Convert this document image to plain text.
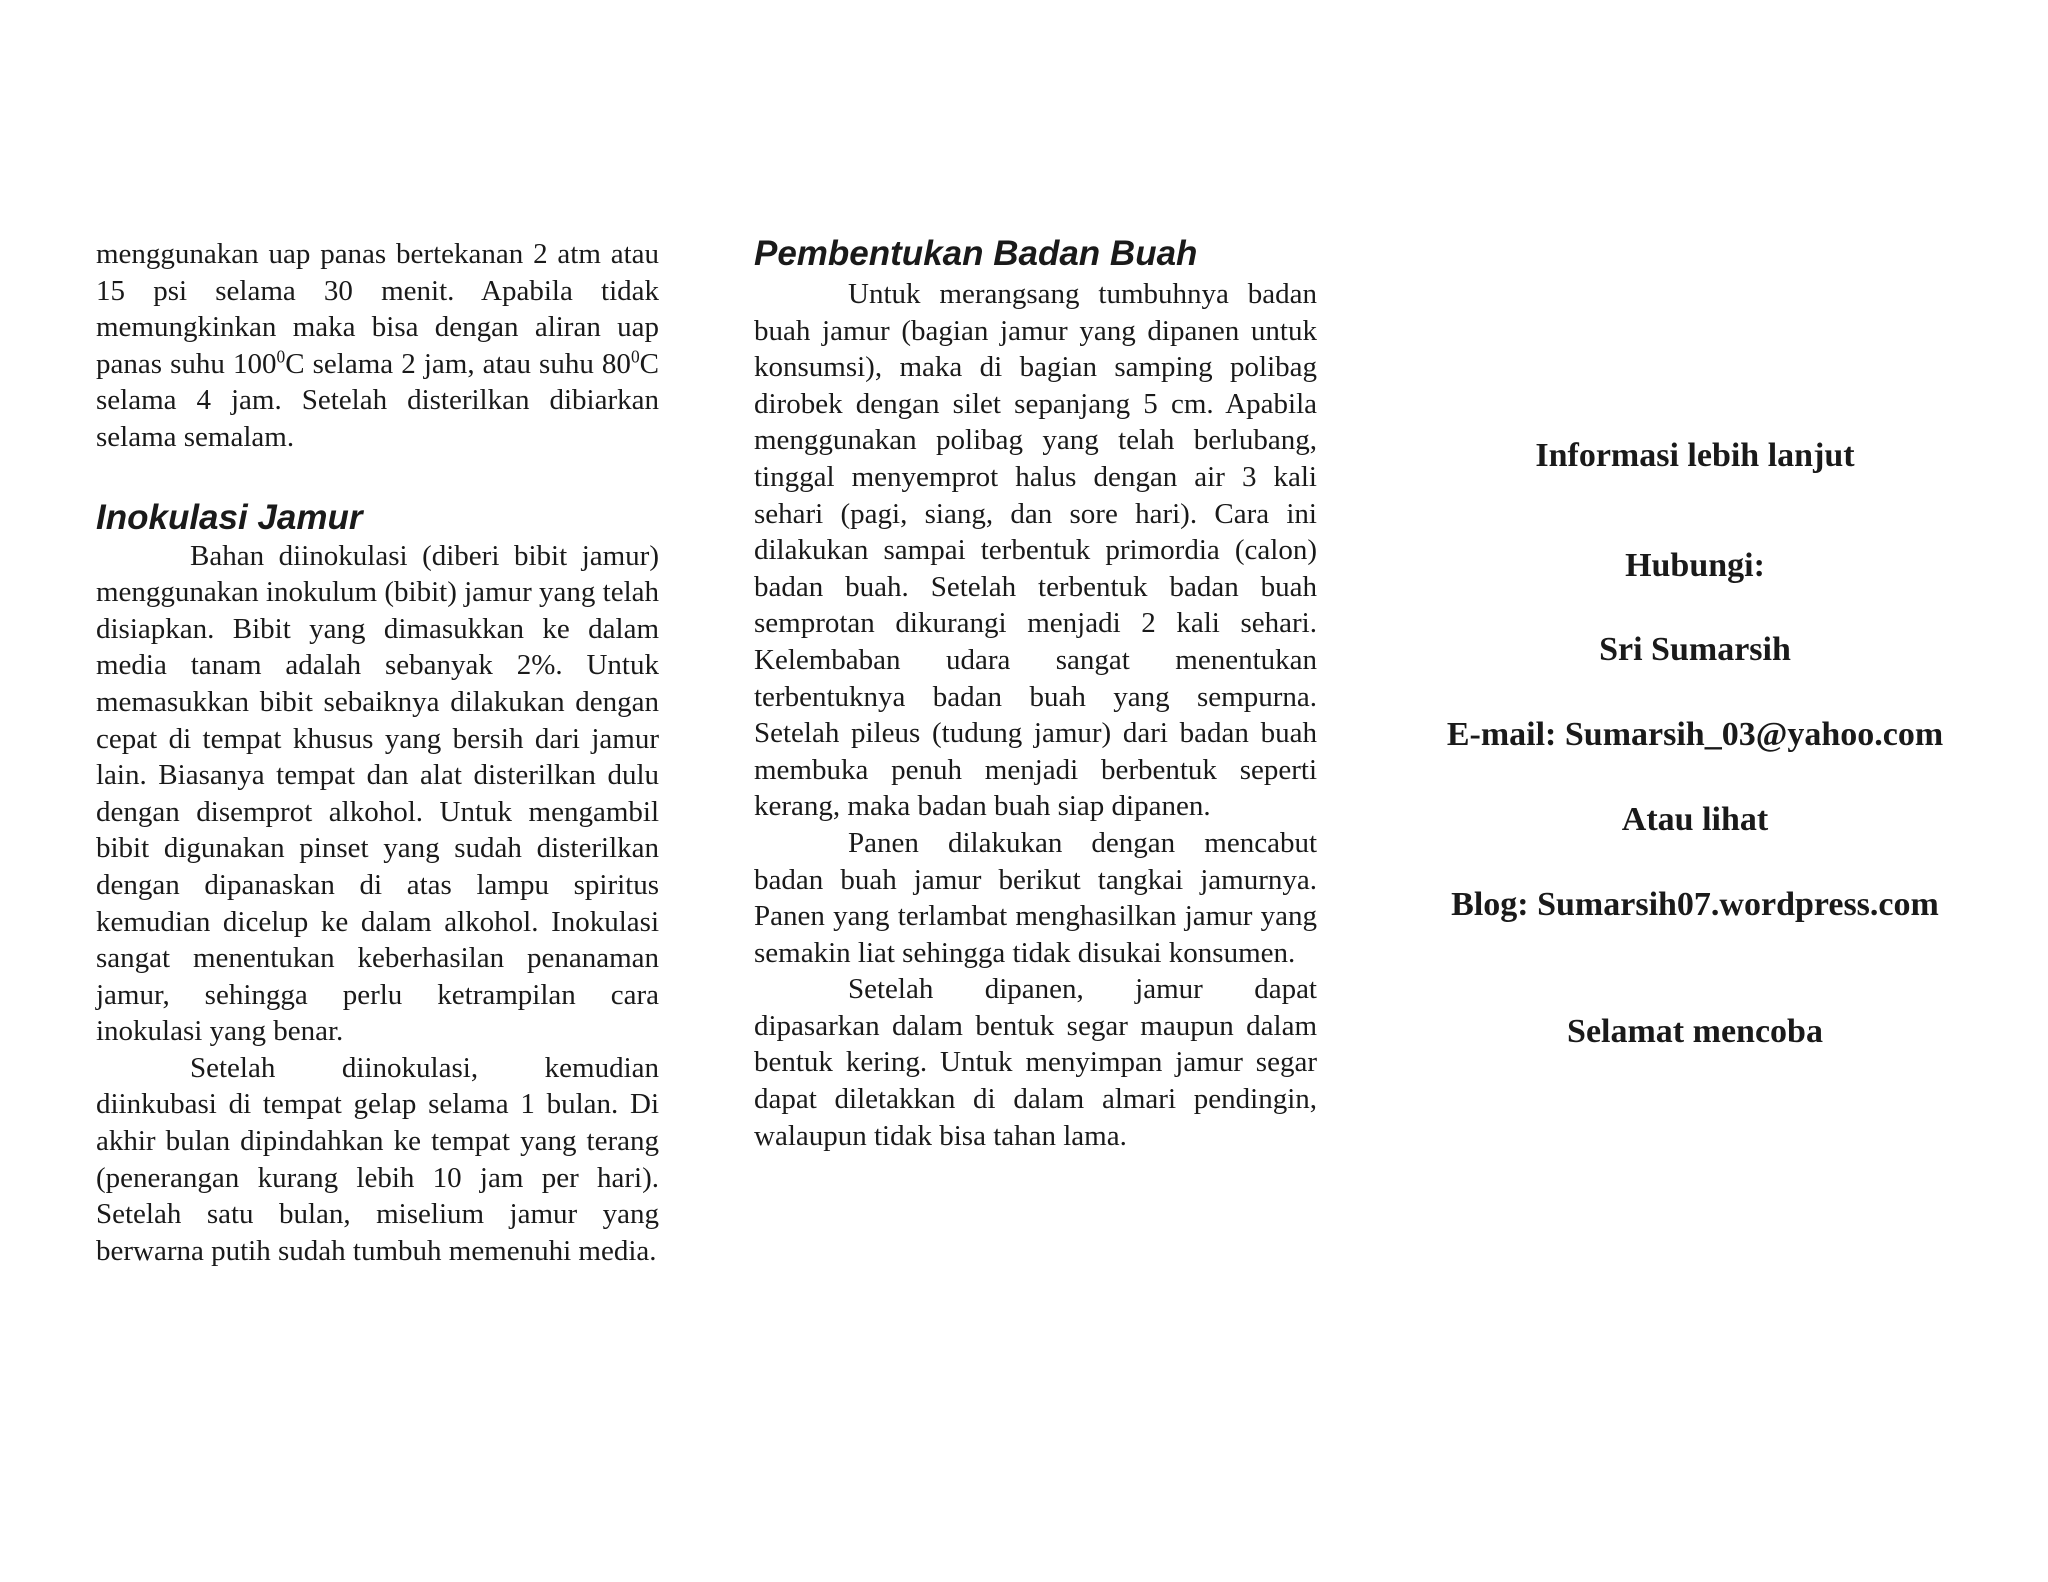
menggunakan uap panas bertekanan 2 atm atau 15 psi selama 30 menit. Apabila tidak memungkinkan maka bisa dengan aliran uap panas suhu $100^0C$ selama 2 jam, atau suhu $80^0C$ selama 4 jam. Setelah disterilkan dibiarkan selama semalam.

Inokulasi Jamur

Bahan diinokulasi (diberi bibit jamur) menggunakan inokulum (bibit) jamur yang telah disiapkan. Bibit yang dimasukkan ke dalam media tanam adalah sebanyak 2%. Untuk memasukkan bibit sebaiknya dilakukan dengan cepat di tempat khusus yang bersih dari jamur lain. Biasanya tempat dan alat disterilkan dulu dengan disemprot alkohol. Untuk mengambil bibit digunakan pinset yang sudah disterilkan dengan dipanaskan di atas lampu spiritus kemudian dicelup ke dalam alkohol. Inokulasi sangat menentukan keberhasilan penanaman jamur, sehingga perlu ketrampilan cara inokulasi yang benar.

Setelah diinokulasi, kemudian diinkubasi di tempat gelap selama 1 bulan. Di akhir bulan dipindahkan ke tempat yang terang (penerangan kurang lebih 10 jam per hari). Setelah satu bulan, miselium jamur yang berwarna putih sudah tumbuh memenuhi media.

Pembentukan Badan Buah

Untuk merangsang tumbuhnya badan buah jamur (bagian jamur yang dipanen untuk konsumsi), maka di bagian samping polibag dirobek dengan silet sepanjang 5 cm. Apabila menggunakan polibag yang telah berlubang, tinggal menyemprot halus dengan air 3 kali sehari (pagi, siang, dan sore hari). Cara ini dilakukan sampai terbentuk primordia (calon) badan buah. Setelah terbentuk badan buah semprotan dikurangi menjadi 2 kali sehari. Kelembaban udara sangat menentukan terbentuknya badan buah yang sempurna. Setelah pileus (tudung jamur) dari badan buah membuka penuh menjadi berbentuk seperti kerang, maka badan buah siap dipanen.

Panen dilakukan dengan mencabut badan buah jamur berikut tangkai jamurnya. Panen yang terlambat menghasilkan jamur yang semakin liat sehingga tidak disukai konsumen.

Setelah dipanen, jamur dapat dipasarkan dalam bentuk segar maupun dalam bentuk kering. Untuk menyimpan jamur segar dapat diletakkan di dalam almari pendingin, walaupun tidak bisa tahan lama.

Informasi lebih lanjut

Hubungi:

Sri Sumarsih

E-mail: Sumarsih_03@yahoo.com

Atau lihat

Blog: Sumarsih07.wordpress.com

Selamat mencoba
